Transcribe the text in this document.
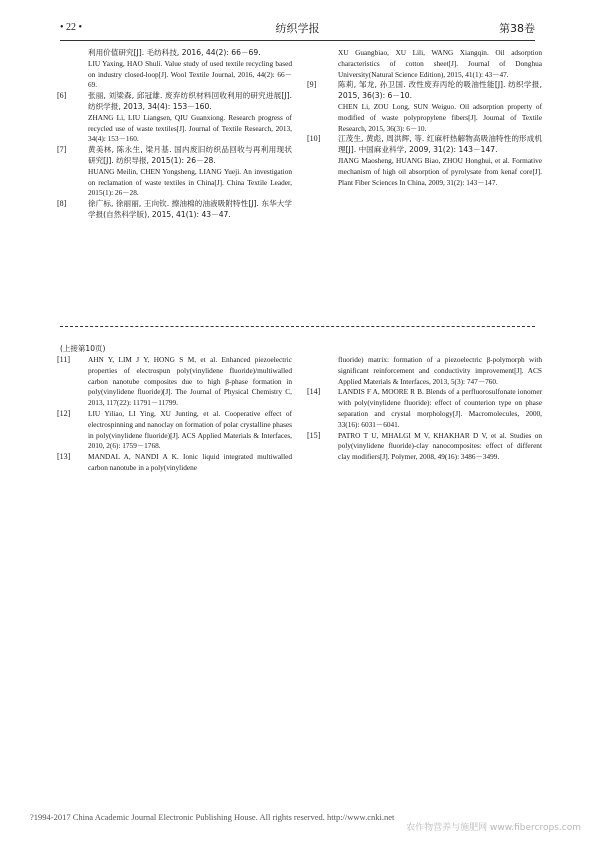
• 22 •	纺织学报	第38卷
利用价值研究[J]. 毛纺科技, 2016, 44(2): 66－69.
LIU Yaxing, HAO Shuli. Value study of used textile recycling based on industry closed-loop[J]. Wool Textile Journal, 2016, 44(2): 66－69.
[6]	张丽, 刘梁森, 邱冠雄. 废弃纺织材料回收利用的研究进展[J]. 纺织学报, 2013, 34(4): 153－160.
ZHANG Li, LIU Liangsen, QIU Guanxiong. Research progress of recycled use of waste textiles[J]. Journal of Textile Research, 2013, 34(4): 153－160.
[7]	黄美林, 陈永生, 梁月基. 国内废旧纺织品回收与再利用现状研究[J]. 纺织导报, 2015(1): 26－28.
HUANG Meilin, CHEN Yongsheng, LIANG Yueji. An investigation on reclamation of waste textiles in China[J]. China Textile Leader, 2015(1): 26－28.
[8]	徐广标, 徐丽丽, 王向钦. 擦油棉的油液吸附特性[J]. 东华大学学报(自然科学版), 2015, 41(1): 43－47.
XU Guangbiao, XU Lili, WANG Xiangqin. Oil adsorption characteristics of cotton sheet[J]. Journal of Donghua University(Natural Science Edition), 2015, 41(1): 43－47.
[9]	陈莉, 邹龙, 孙卫国. 改性废弃丙纶的吸油性能[J]. 纺织学报, 2015, 36(3): 6－10.
CHEN Li, ZOU Long, SUN Weiguo. Oil adsorption property of modified of waste polypropylene fibers[J]. Journal of Textile Research, 2015, 36(3): 6－10.
[10]	江茂生, 黄彪, 周洪辉, 等. 红麻杆热解物高吸油特性的形成机理[J]. 中国麻业科学, 2009, 31(2): 143－147.
JIANG Maosheng, HUANG Biao, ZHOU Honghui, et al. Formative mechanism of high oil absorption of pyrolysate from kenaf core[J]. Plant Fiber Sciences In China, 2009, 31(2): 143－147.
(上接第10页)
[11]	AHN Y, LIM J Y, HONG S M, et al. Enhanced piezoelectric properties of electrospun poly(vinylidene fluoride)/multiwalled carbon nanotube composites due to high β-phase formation in poly(vinylidene fluoride)[J]. The Journal of Physical Chemistry C, 2013, 117(22): 11791－11799.
[12]	LIU Yiliao, LI Ying, XU Junting, et al. Cooperative effect of electrospinning and nanoclay on formation of polar crystalline phases in poly(vinylidene fluoride)[J]. ACS Applied Materials & Interfaces, 2010, 2(6): 1759－1768.
[13]	MANDAL A, NANDI A K. Ionic liquid integrated multiwalled carbon nanotube in a poly(vinylidene
fluoride) matrix: formation of a piezoelectric β-polymorph with significant reinforcement and conductivity improvement[J]. ACS Applied Materials & Interfaces, 2013, 5(3): 747－760.
[14]	LANDIS F A, MOORE R B. Blends of a perfluorosulfonate ionomer with poly(vinylidene fluoride): effect of counterion type on phase separation and crystal morphology[J]. Macromolecules, 2000, 33(16): 6031－6041.
[15]	PATRO T U, MHALGI M V, KHAKHAR D V, et al. Studies on poly(vinylidene fluoride)-clay nanocomposites: effect of different clay modifiers[J]. Polymer, 2008, 49(16): 3486－3499.
?1994-2017 China Academic Journal Electronic Publishing House. All rights reserved. http://www.cnki.net
农作物营养与施肥网 www.fibercrops.com
